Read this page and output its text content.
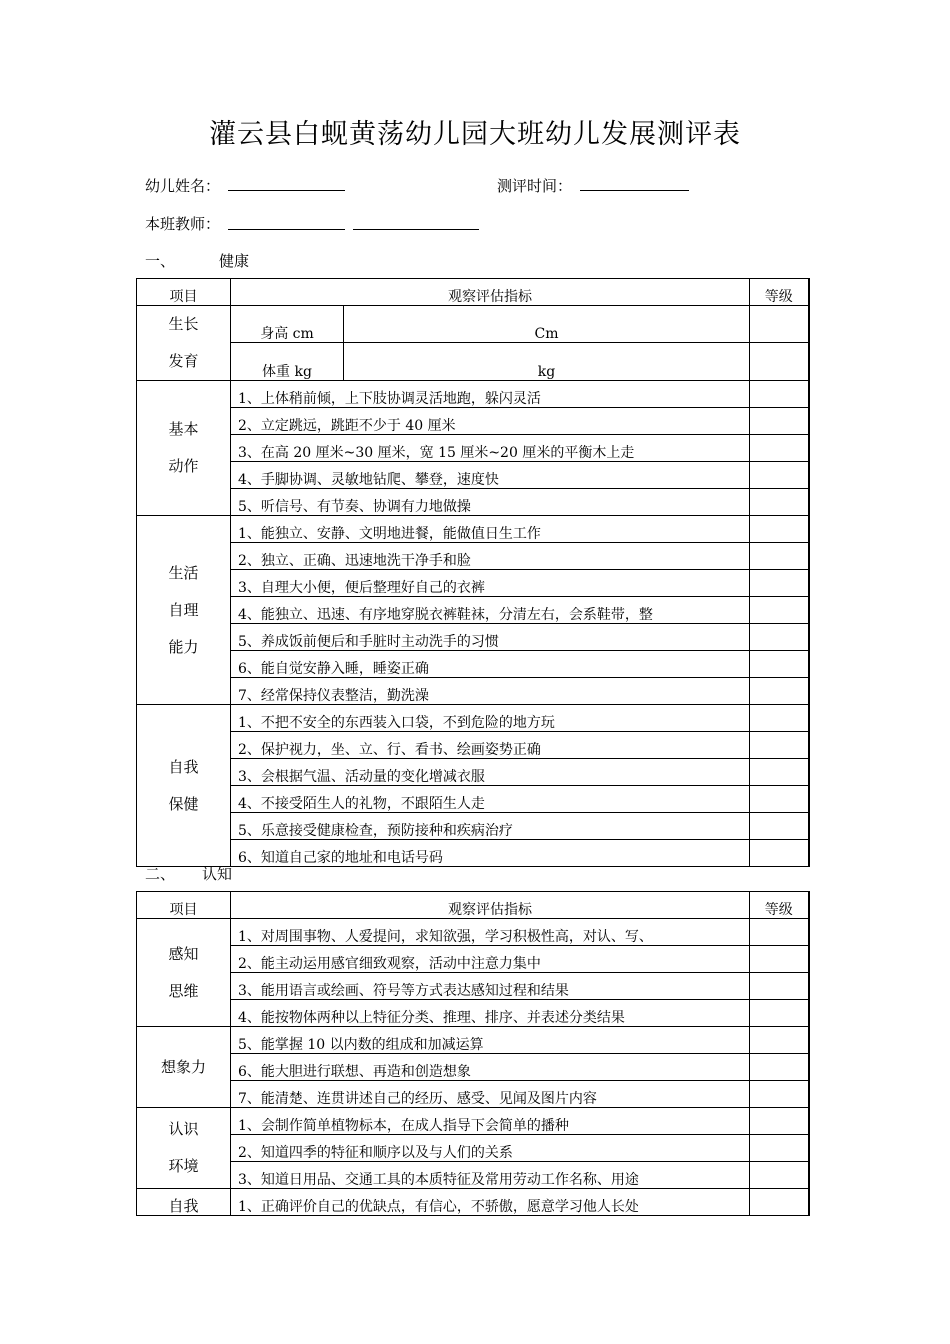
灌云县白蚬黄荡幼儿园大班幼儿发展测评表
幼儿姓名：	测评时间：
本班教师：
一、	健康
项目	观察评估指标		等级
生长
发育	身高 cm	Cm	
	体重 kg	kg	
基本
动作	1、上体稍前倾，上下肢协调灵活地跑，躲闪灵活		
	2、立定跳远，跳距不少于 40 厘米		
	3、在高 20 厘米~30 厘米，宽 15 厘米~20 厘米的平衡木上走		
	4、手脚协调、灵敏地钻爬、攀登，速度快		
	5、听信号、有节奏、协调有力地做操		
生活
自理
能力	1、能独立、安静、文明地进餐，能做值日生工作		
	2、独立、正确、迅速地洗干净手和脸		
	3、自理大小便，便后整理好自己的衣裤		
	4、能独立、迅速、有序地穿脱衣裤鞋袜，分清左右，会系鞋带，整		
	5、养成饭前便后和手脏时主动洗手的习惯		
	6、能自觉安静入睡，睡姿正确		
	7、经常保持仪表整洁，勤洗澡		
自我
保健	1、不把不安全的东西装入口袋，不到危险的地方玩		
	2、保护视力，坐、立、行、看书、绘画姿势正确		
	3、会根据气温、活动量的变化增减衣服		
	4、不接受陌生人的礼物，不跟陌生人走		
	5、乐意接受健康检查，预防接种和疾病治疗		
	6、知道自己家的地址和电话号码		
二、 认知
项目	观察评估指标	等级
感知
思维	1、对周围事物、人爱提问，求知欲强，学习积极性高，对认、写、	
	2、能主动运用感官细致观察，活动中注意力集中	
	3、能用语言或绘画、符号等方式表达感知过程和结果	
	4、能按物体两种以上特征分类、推理、排序、并表述分类结果	
想象力	5、能掌握 10 以内数的组成和加减运算	
	6、能大胆进行联想、再造和创造想象	
	7、能清楚、连贯讲述自己的经历、感受、见闻及图片内容	
认识
环境	1、会制作简单植物标本，在成人指导下会简单的播种	
	2、知道四季的特征和顺序以及与人们的关系	
	3、知道日用品、交通工具的本质特征及常用劳动工作名称、用途	
自我	1、正确评价自己的优缺点，有信心，不骄傲，愿意学习他人长处	
